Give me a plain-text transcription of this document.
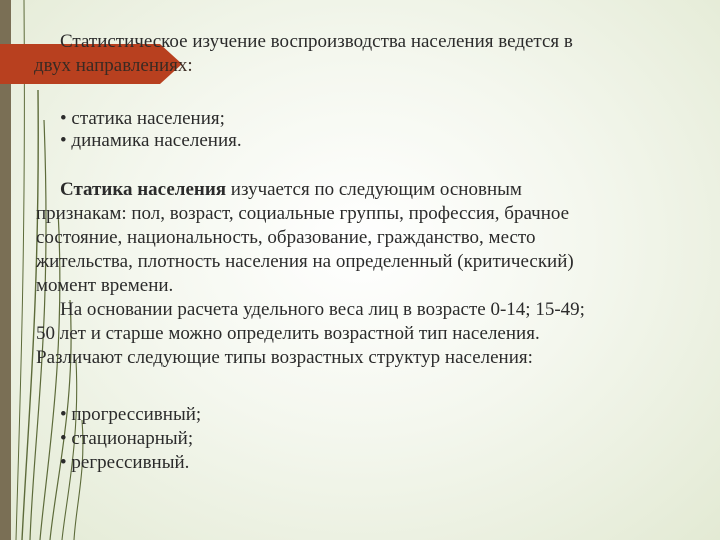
Статистическое изучение воспроизводства населения ведется в
двух направлениях:
• статика населения;
• динамика населения.
Статика населения изучается по следующим основным
признакам: пол, возраст, социальные группы, профессия, брачное
состояние, национальность, образование, гражданство, место
жительства, плотность населения на определенный (критический)
момент времени.
На основании расчета удельного веса лиц в возрасте 0-14; 15-49;
50 лет и старше можно определить возрастной тип населения.
Различают следующие типы возрастных структур населения:
• прогрессивный;
• стационарный;
• регрессивный.
